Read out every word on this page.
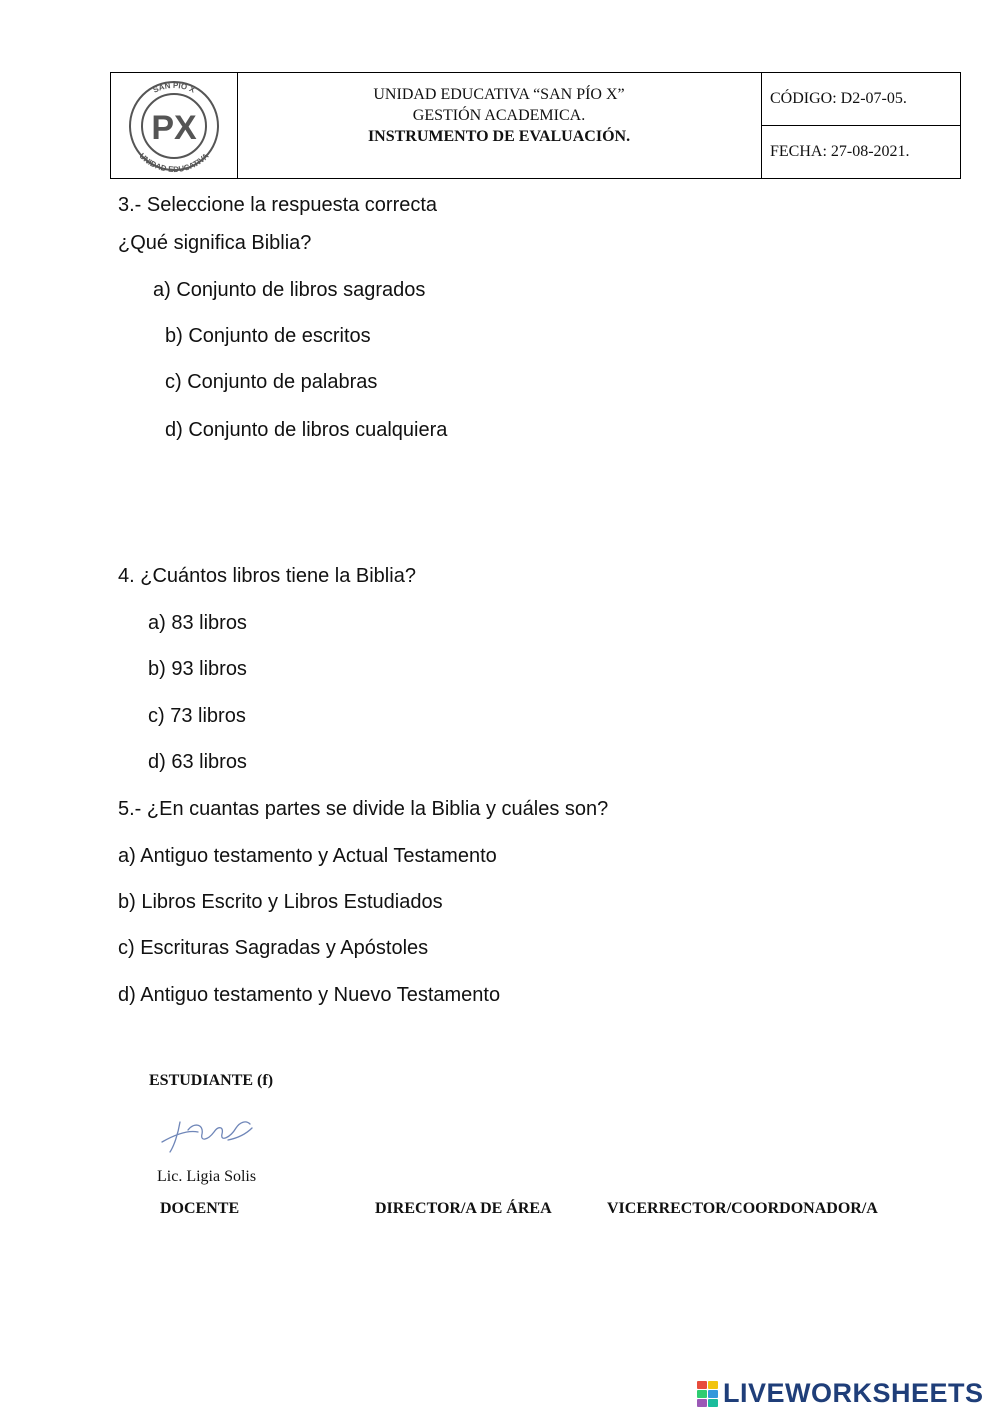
SAN PIO X
UNIDAD EDUCATIVA
PX
UNIDAD EDUCATIVA “SAN PÍO X”
GESTIÓN ACADEMICA.
INSTRUMENTO DE EVALUACIÓN.
CÓDIGO: D2-07-05.
FECHA: 27-08-2021.
3.- Seleccione la respuesta correcta
¿Qué significa Biblia?
a) Conjunto de libros sagrados
b) Conjunto de escritos
c) Conjunto de palabras
d) Conjunto de libros cualquiera
4. ¿Cuántos libros tiene la Biblia?
a) 83 libros
b) 93 libros
c) 73 libros
d) 63 libros
5.- ¿En cuantas partes se divide la Biblia y cuáles son?
a) Antiguo testamento y Actual Testamento
b) Libros Escrito y Libros Estudiados
c) Escrituras Sagradas y Apóstoles
d) Antiguo testamento y Nuevo Testamento
ESTUDIANTE (f)
Lic. Ligia Solis
DOCENTE	DIRECTOR/A DE ÁREA	VICERRECTOR/COORDONADOR/A
LIVEWORKSHEETS
